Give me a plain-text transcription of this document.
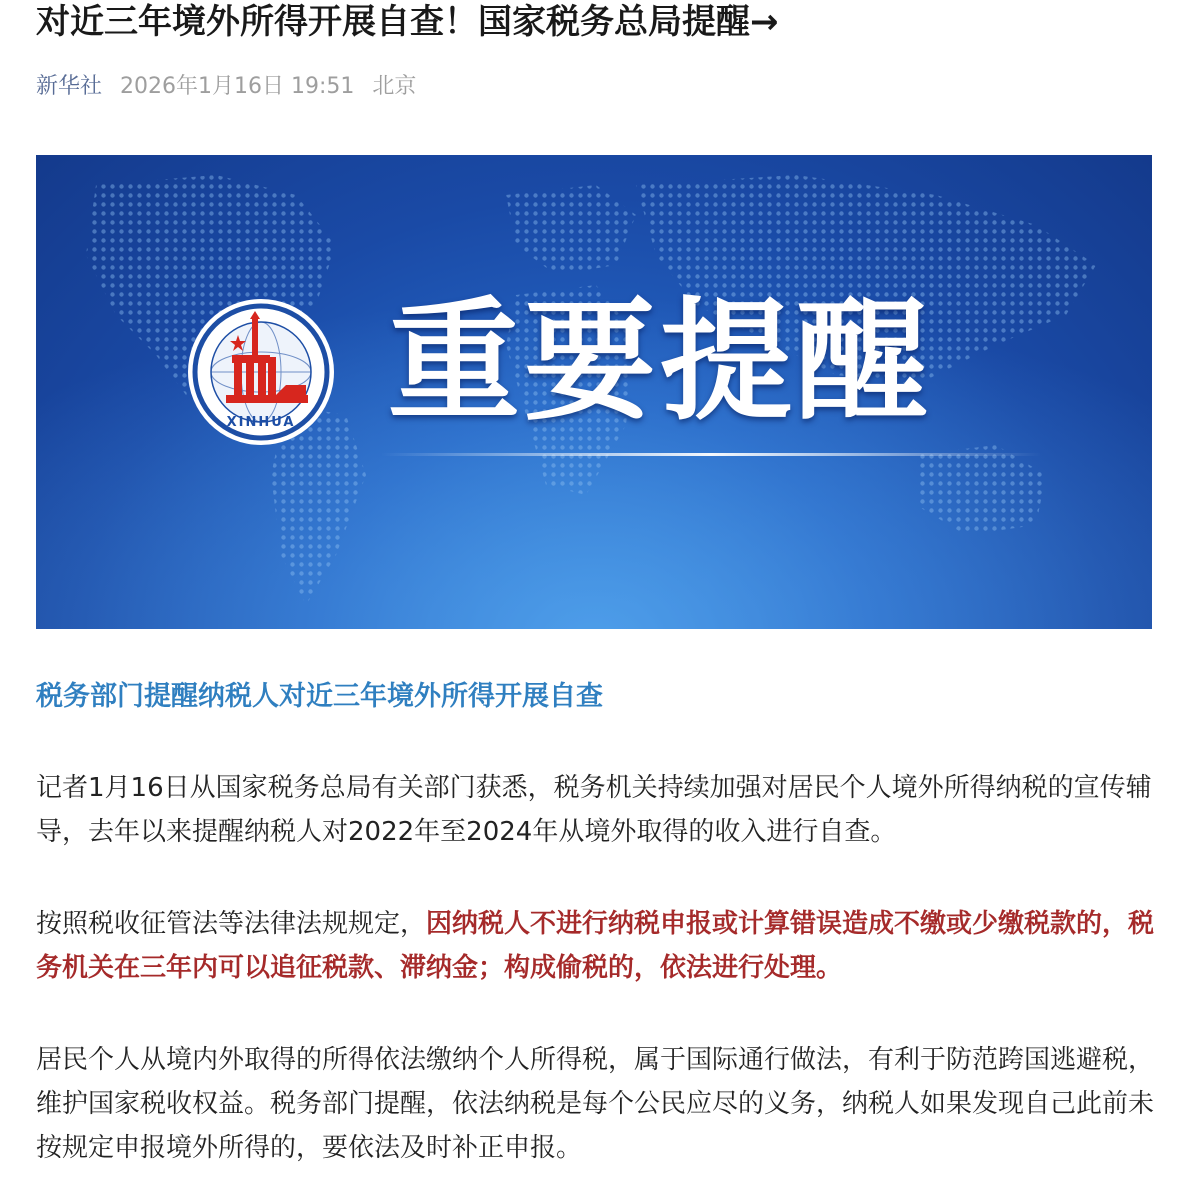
对近三年境外所得开展自查！国家税务总局提醒→
新华社 2026年1月16日 19:51 北京
XINHUA 重要提醒
税务部门提醒纳税人对近三年境外所得开展自查
记者1月16日从国家税务总局有关部门获悉，税务机关持续加强对居民个人境外所得纳税的宣传辅导，去年以来提醒纳税人对2022年至2024年从境外取得的收入进行自查。
按照税收征管法等法律法规规定，因纳税人不进行纳税申报或计算错误造成不缴或少缴税款的，税务机关在三年内可以追征税款、滞纳金；构成偷税的，依法进行处理。
居民个人从境内外取得的所得依法缴纳个人所得税，属于国际通行做法，有利于防范跨国逃避税，维护国家税收权益。税务部门提醒，依法纳税是每个公民应尽的义务，纳税人如果发现自己此前未按规定申报境外所得的，要依法及时补正申报。
